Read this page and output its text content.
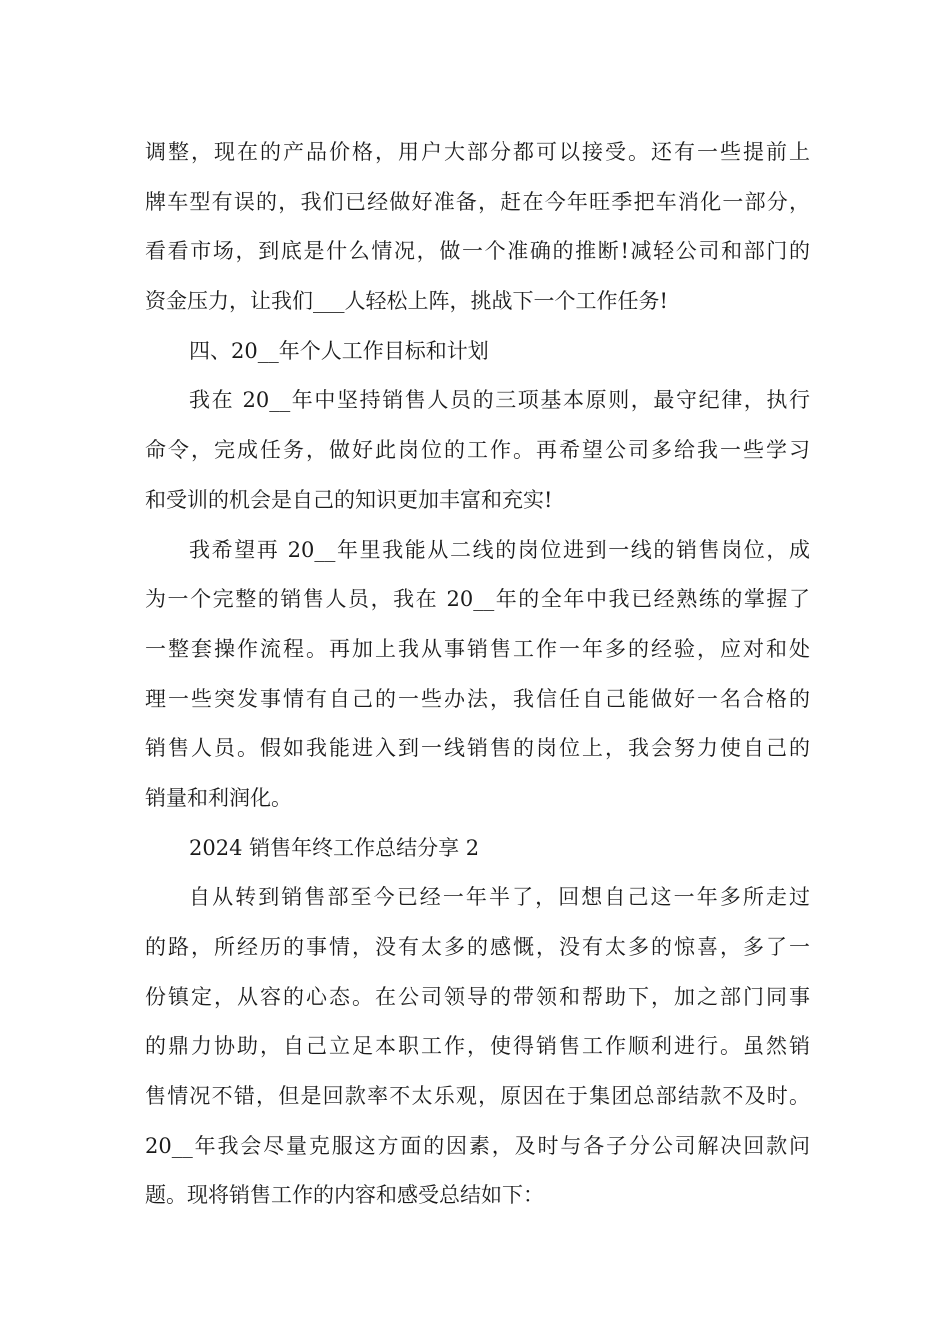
调整，现在的产品价格，用户大部分都可以接受。还有一些提前上
牌车型有误的，我们已经做好准备，赶在今年旺季把车消化一部分，
看看市场，到底是什么情况，做一个准确的推断!减轻公司和部门的
资金压力，让我们___人轻松上阵，挑战下一个工作任务!
四、20__年个人工作目标和计划
我在 20__年中坚持销售人员的三项基本原则，最守纪律，执行
命令，完成任务，做好此岗位的工作。再希望公司多给我一些学习
和受训的机会是自己的知识更加丰富和充实!
我希望再 20__年里我能从二线的岗位进到一线的销售岗位，成
为一个完整的销售人员，我在 20__年的全年中我已经熟练的掌握了
一整套操作流程。再加上我从事销售工作一年多的经验，应对和处
理一些突发事情有自己的一些办法，我信任自己能做好一名合格的
销售人员。假如我能进入到一线销售的岗位上，我会努力使自己的
销量和利润化。
2024 销售年终工作总结分享 2
自从转到销售部至今已经一年半了，回想自己这一年多所走过
的路，所经历的事情，没有太多的感慨，没有太多的惊喜，多了一
份镇定，从容的心态。在公司领导的带领和帮助下，加之部门同事
的鼎力协助，自己立足本职工作，使得销售工作顺利进行。虽然销
售情况不错，但是回款率不太乐观，原因在于集团总部结款不及时。
20__年我会尽量克服这方面的因素，及时与各子分公司解决回款问
题。现将销售工作的内容和感受总结如下：
